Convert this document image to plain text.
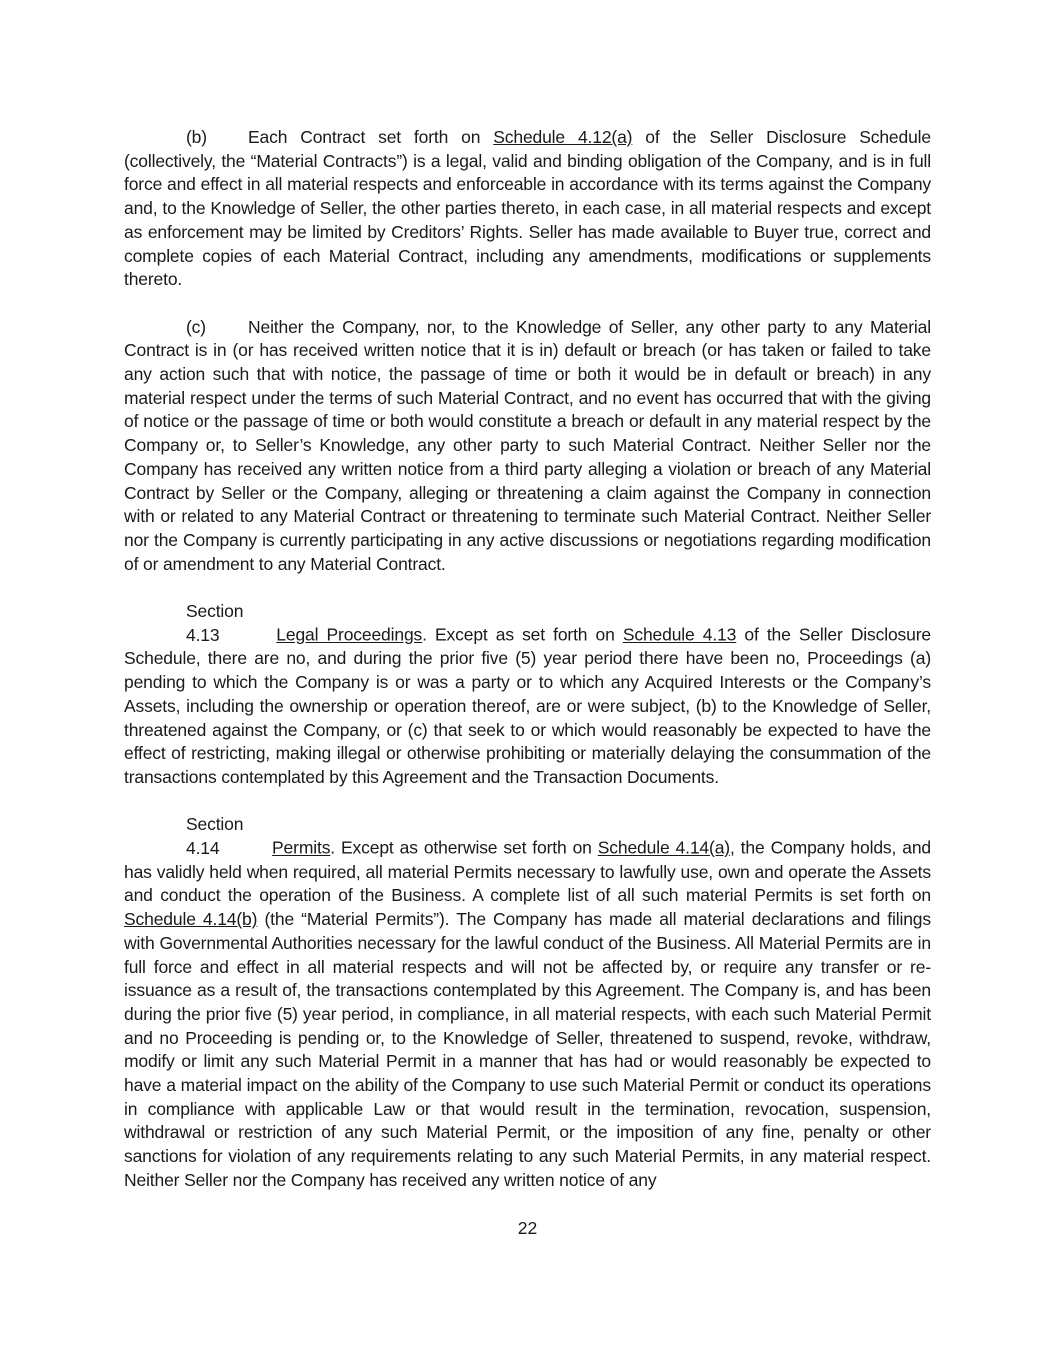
(b) Each Contract set forth on Schedule 4.12(a) of the Seller Disclosure Schedule (collectively, the “Material Contracts”) is a legal, valid and binding obligation of the Company, and is in full force and effect in all material respects and enforceable in accordance with its terms against the Company and, to the Knowledge of Seller, the other parties thereto, in each case, in all material respects and except as enforcement may be limited by Creditors’ Rights. Seller has made available to Buyer true, correct and complete copies of each Material Contract, including any amendments, modifications or supplements thereto.

(c) Neither the Company, nor, to the Knowledge of Seller, any other party to any Material Contract is in (or has received written notice that it is in) default or breach (or has taken or failed to take any action such that with notice, the passage of time or both it would be in default or breach) in any material respect under the terms of such Material Contract, and no event has occurred that with the giving of notice or the passage of time or both would constitute a breach or default in any material respect by the Company or, to Seller’s Knowledge, any other party to such Material Contract. Neither Seller nor the Company has received any written notice from a third party alleging a violation or breach of any Material Contract by Seller or the Company, alleging or threatening a claim against the Company in connection with or related to any Material Contract or threatening to terminate such Material Contract. Neither Seller nor the Company is currently participating in any active discussions or negotiations regarding modification of or amendment to any Material Contract.

Section 4.13	Legal Proceedings. Except as set forth on Schedule 4.13 of the Seller Disclosure Schedule, there are no, and during the prior five (5) year period there have been no, Proceedings (a) pending to which the Company is or was a party or to which any Acquired Interests or the Company’s Assets, including the ownership or operation thereof, are or were subject, (b) to the Knowledge of Seller, threatened against the Company, or (c) that seek to or which would reasonably be expected to have the effect of restricting, making illegal or otherwise prohibiting or materially delaying the consummation of the transactions contemplated by this Agreement and the Transaction Documents.

Section 4.14	Permits. Except as otherwise set forth on Schedule 4.14(a), the Company holds, and has validly held when required, all material Permits necessary to lawfully use, own and operate the Assets and conduct the operation of the Business. A complete list of all such material Permits is set forth on Schedule 4.14(b) (the “Material Permits”). The Company has made all material declarations and filings with Governmental Authorities necessary for the lawful conduct of the Business. All Material Permits are in full force and effect in all material respects and will not be affected by, or require any transfer or re-issuance as a result of, the transactions contemplated by this Agreement. The Company is, and has been during the prior five (5) year period, in compliance, in all material respects, with each such Material Permit and no Proceeding is pending or, to the Knowledge of Seller, threatened to suspend, revoke, withdraw, modify or limit any such Material Permit in a manner that has had or would reasonably be expected to have a material impact on the ability of the Company to use such Material Permit or conduct its operations in compliance with applicable Law or that would result in the termination, revocation, suspension, withdrawal or restriction of any such Material Permit, or the imposition of any fine, penalty or other sanctions for violation of any requirements relating to any such Material Permits, in any material respect. Neither Seller nor the Company has received any written notice of any

22
